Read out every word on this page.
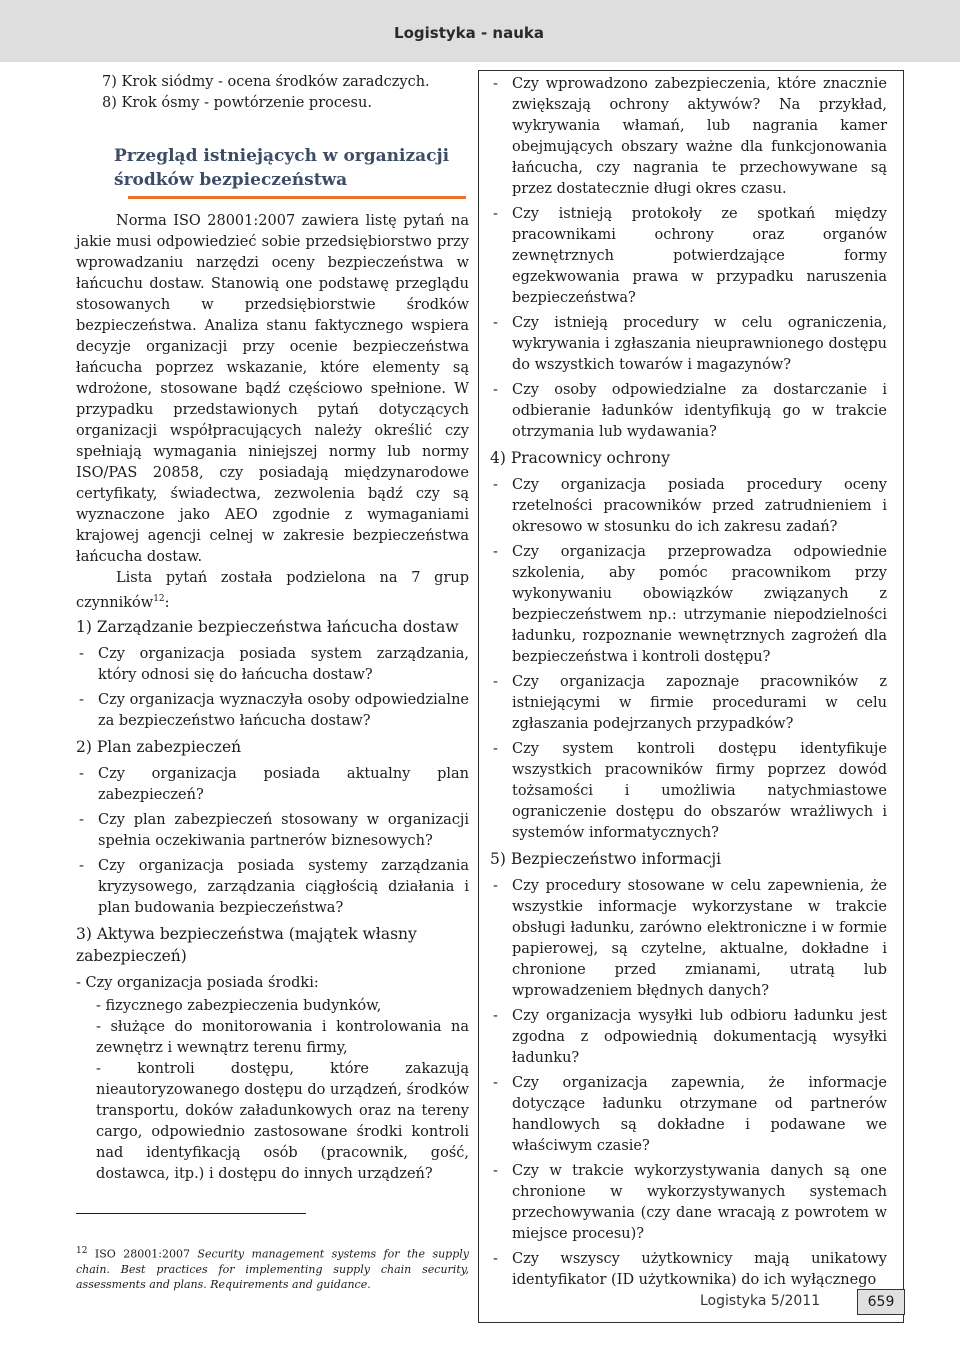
Logistyka - nauka
7) Krok siódmy - ocena środków zaradczych.
8) Krok ósmy - powtórzenie procesu.
Przegląd istniejących w organizacji
środków bezpieczeństwa

Norma ISO 28001:2007 zawiera listę pytań na jakie musi odpowiedzieć sobie przedsiębiorstwo przy wprowadzaniu narzędzi oceny bezpieczeństwa w łańcuchu dostaw. Stanowią one podstawę przeglądu stosowanych w przedsiębiorstwie środków bezpieczeństwa. Analiza stanu faktycznego wspiera decyzje organizacji przy ocenie bezpieczeństwa łańcucha poprzez wskazanie, które elementy są wdrożone, stosowane bądź częściowo spełnione. W przypadku przedstawionych pytań dotyczących organizacji współpracujących należy określić czy spełniają wymagania niniejszej normy lub normy ISO/PAS 20858, czy posiadają międzynarodowe certyfikaty, świadectwa, zezwolenia bądź czy są wyznaczone jako AEO zgodnie z wymaganiami krajowej agencji celnej w zakresie bezpieczeństwa łańcucha dostaw.

Lista pytań została podzielona na 7 grup czynników$^{12}$:

1) Zarządzanie bezpieczeństwa łańcucha dostaw
- Czy organizacja posiada system zarządzania, który odnosi się do łańcucha dostaw?
- Czy organizacja wyznaczyła osoby odpowiedzialne za bezpieczeństwo łańcucha dostaw?
2) Plan zabezpieczeń
- Czy organizacja posiada aktualny plan zabezpieczeń?
- Czy plan zabezpieczeń stosowany w organizacji spełnia oczekiwania partnerów biznesowych?
- Czy organizacja posiada systemy zarządzania kryzysowego, zarządzania ciągłością działania i plan budowania bezpieczeństwa?
3) Aktywa bezpieczeństwa (majątek własny zabezpieczeń)
- Czy organizacja posiada środki:
- fizycznego zabezpieczenia budynków,
- służące do monitorowania i kontrolowania na zewnętrz i wewnątrz terenu firmy,
- kontroli dostępu, które zakazują nieautoryzowanego dostępu do urządzeń, środków transportu, doków załadunkowych oraz na tereny cargo, odpowiednio zastosowane środki kontroli nad identyfikacją osób (pracownik, gość, dostawca, itp.) i dostępu do innych urządzeń?
$^{12}$ ISO 28001:2007 Security management systems for the supply chain. Best practices for implementing supply chain security, assessments and plans. Requirements and guidance.
- Czy wprowadzono zabezpieczenia, które znacznie zwiększają ochrony aktywów? Na przykład, wykrywania włamań, lub nagrania kamer obejmujących obszary ważne dla funkcjonowania łańcucha, czy nagrania te przechowywane są przez dostatecznie długi okres czasu.
- Czy istnieją protokoły ze spotkań między pracownikami ochrony oraz organów zewnętrznych potwierdzające formy egzekwowania prawa w przypadku naruszenia bezpieczeństwa?
- Czy istnieją procedury w celu ograniczenia, wykrywania i zgłaszania nieuprawnionego dostępu do wszystkich towarów i magazynów?
- Czy osoby odpowiedzialne za dostarczanie i odbieranie ładunków identyfikują go w trakcie otrzymania lub wydawania?
4) Pracownicy ochrony
- Czy organizacja posiada procedury oceny rzetelności pracowników przed zatrudnieniem i okresowo w stosunku do ich zakresu zadań?
- Czy organizacja przeprowadza odpowiednie szkolenia, aby pomóc pracownikom przy wykonywaniu obowiązków związanych z bezpieczeństwem np.: utrzymanie niepodzielności ładunku, rozpoznanie wewnętrznych zagrożeń dla bezpieczeństwa i kontroli dostępu?
- Czy organizacja zapoznaje pracowników z istniejącymi w firmie procedurami w celu zgłaszania podejrzanych przypadków?
- Czy system kontroli dostępu identyfikuje wszystkich pracowników firmy poprzez dowód tożsamości i umożliwia natychmiastowe ograniczenie dostępu do obszarów wrażliwych i systemów informatycznych?
5) Bezpieczeństwo informacji
- Czy procedury stosowane w celu zapewnienia, że wszystkie informacje wykorzystane w trakcie obsługi ładunku, zarówno elektroniczne i w formie papierowej, są czytelne, aktualne, dokładne i chronione przed zmianami, utratą lub wprowadzeniem błędnych danych?
- Czy organizacja wysyłki lub odbioru ładunku jest zgodna z odpowiednią dokumentacją wysyłki ładunku?
- Czy organizacja zapewnia, że informacje dotyczące ładunku otrzymane od partnerów handlowych są dokładne i podawane we właściwym czasie?
- Czy w trakcie wykorzystywania danych są one chronione w wykorzystywanych systemach przechowywania (czy dane wracają z powrotem w miejsce procesu)?
- Czy wszyscy użytkownicy mają unikatowy identyfikator (ID użytkownika) do ich wyłącznego
Logistyka 5/2011	659
